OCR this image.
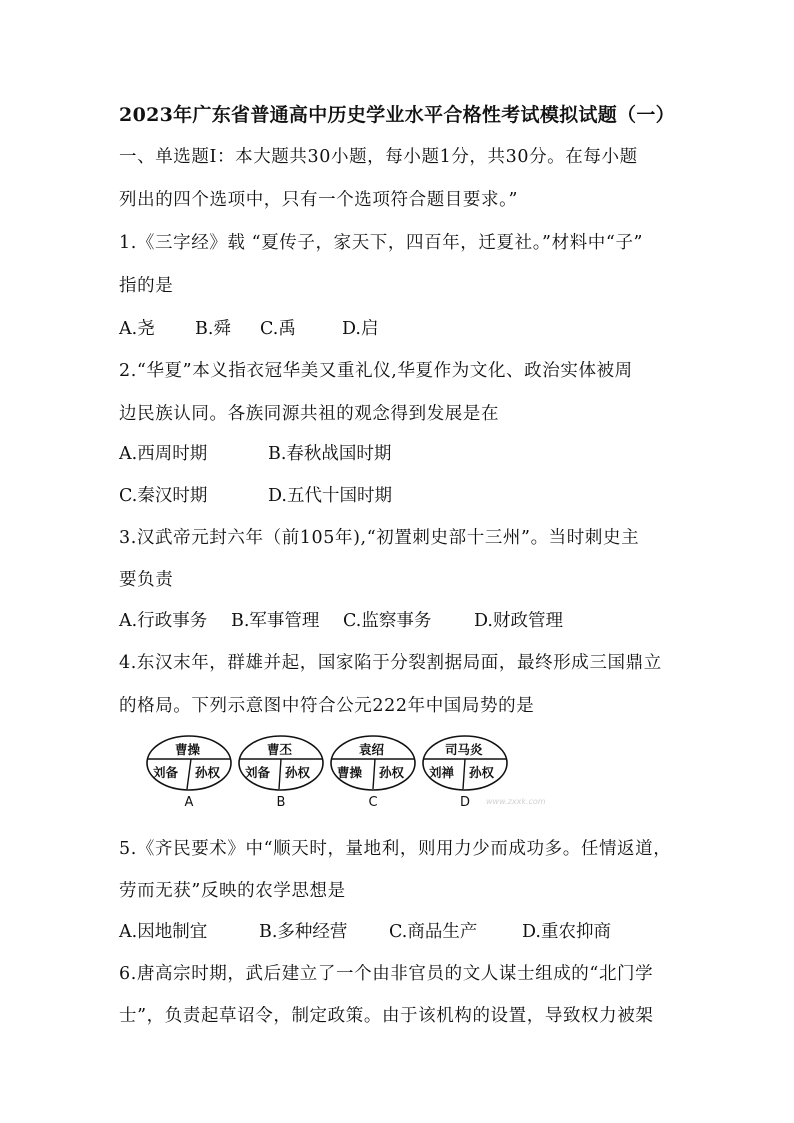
2023年广东省普通高中历史学业水平合格性考试模拟试题（一）
一、单选题Ⅰ：本大题共30小题，每小题1分，共30分。在每小题
列出的四个选项中，只有一个选项符合题目要求。”
1.《三字经》载 “夏传子，家天下，四百年，迁夏社。”材料中“子”
指的是
A.尧 B.舜 C.禹	D.启
2.“华夏”本义指衣冠华美又重礼仪,华夏作为文化、政治实体被周
边民族认同。各族同源共祖的观念得到发展是在
A.西周时期	B.春秋战国时期
C.秦汉时期	D.五代十国时期
3.汉武帝元封六年（前105年),“初置刺史部十三州”。当时刺史主
要负责
A.行政事务 B.军事管理 C.监察事务 D.财政管理
4.东汉末年，群雄并起，国家陷于分裂割据局面，最终形成三国鼎立
的格局。下列示意图中符合公元222年中国局势的是
曹操
刘备 孙权
A
曹丕
刘备 孙权
B
袁绍
曹操 孙权
C
司马炎
刘禅 孙权
D	www.zxxk.com
5.《齐民要术》中“顺天时，量地利，则用力少而成功多。任情返道，
劳而无获”反映的农学思想是
A.因地制宜	B.多种经营 C.商品生产	D.重农抑商
6.唐高宗时期，武后建立了一个由非官员的文人谋士组成的“北门学
士”，负责起草诏令，制定政策。由于该机构的设置，导致权力被架
